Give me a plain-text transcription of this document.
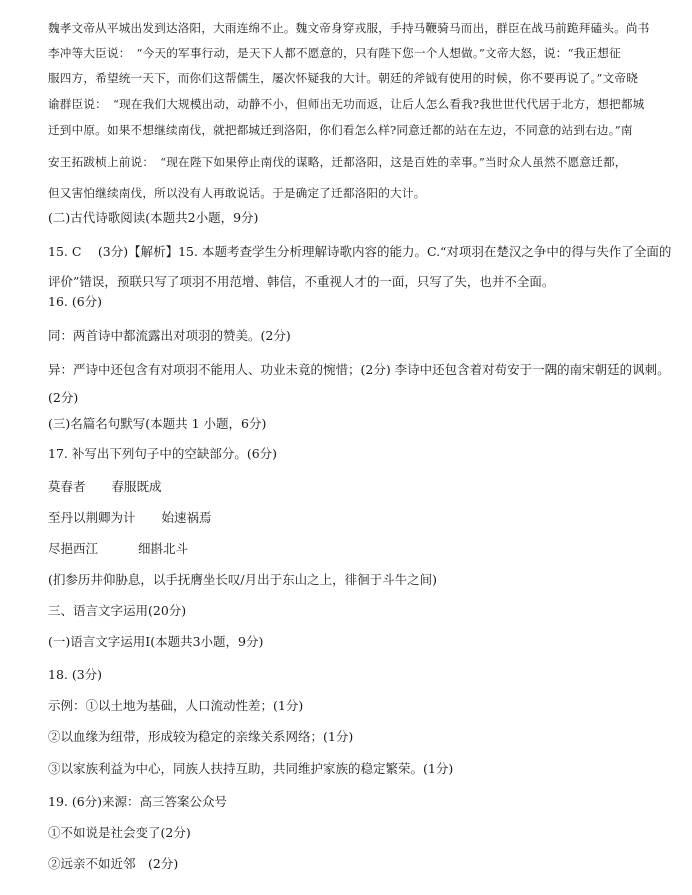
魏孝文帝从平城出发到达洛阳，大雨连绵不止。魏文帝身穿戎服，手持马鞭骑马而出，群臣在战马前跪拜磕头。尚书
李冲等大臣说：　“今天的军事行动，是天下人都不愿意的，只有陛下您一个人想做。”文帝大怒，说：“我正想征
服四方，希望统一天下，而你们这帮儒生，屡次怀疑我的大计。朝廷的斧钺有使用的时候，你不要再说了。”文帝晓
谕群臣说：　“现在我们大规模出动，动静不小，但师出无功而返，让后人怎么看我?我世世代代居于北方，想把都城
迁到中原。如果不想继续南伐，就把都城迁到洛阳，你们看怎么样?同意迁都的站在左边，不同意的站到右边。”南
安王拓跋桢上前说：　“现在陛下如果停止南伐的谋略，迁都洛阳，这是百姓的幸事。”当时众人虽然不愿意迁都，
但又害怕继续南伐，所以没有人再敢说话。于是确定了迁都洛阳的大计。
(二)古代诗歌阅读(本题共2小题，9分)
15. C　 (3分)【解析】15. 本题考查学生分析理解诗歌内容的能力。C.“对项羽在楚汉之争中的得与失作了全面的
评价”错误，预联只写了项羽不用范增、韩信，不重视人才的一面，只写了失，也并不全面。
16. (6分)
同：两首诗中都流露出对项羽的赞美。(2分)
异：严诗中还包含有对项羽不能用人、功业未竟的惋惜；(2分) 李诗中还包含着对苟安于一隅的南宋朝廷的讽刺。
(2分)
(三)名篇名句默写(本题共 1 小题，6分)
17. 补写出下列句子中的空缺部分。(6分)
莫春者 春服既成
至丹以荆卿为计 始速祸焉
尽挹西江	细斟北斗
(扪参历井仰胁息，以手抚膺坐长叹/月出于东山之上，徘徊于斗牛之间)
三、语言文字运用(20分)
(一)语言文字运用Ⅰ(本题共3小题，9分)
18. (3分)
示例：①以土地为基础，人口流动性差；(1分)
②以血缘为纽带，形成较为稳定的亲缘关系网络；(1分)
③以家族利益为中心，同族人扶持互助，共同维护家族的稳定繁荣。(1分)
19. (6分)来源：高三答案公众号
①不如说是社会变了(2分)
②远亲不如近邻　(2分)
